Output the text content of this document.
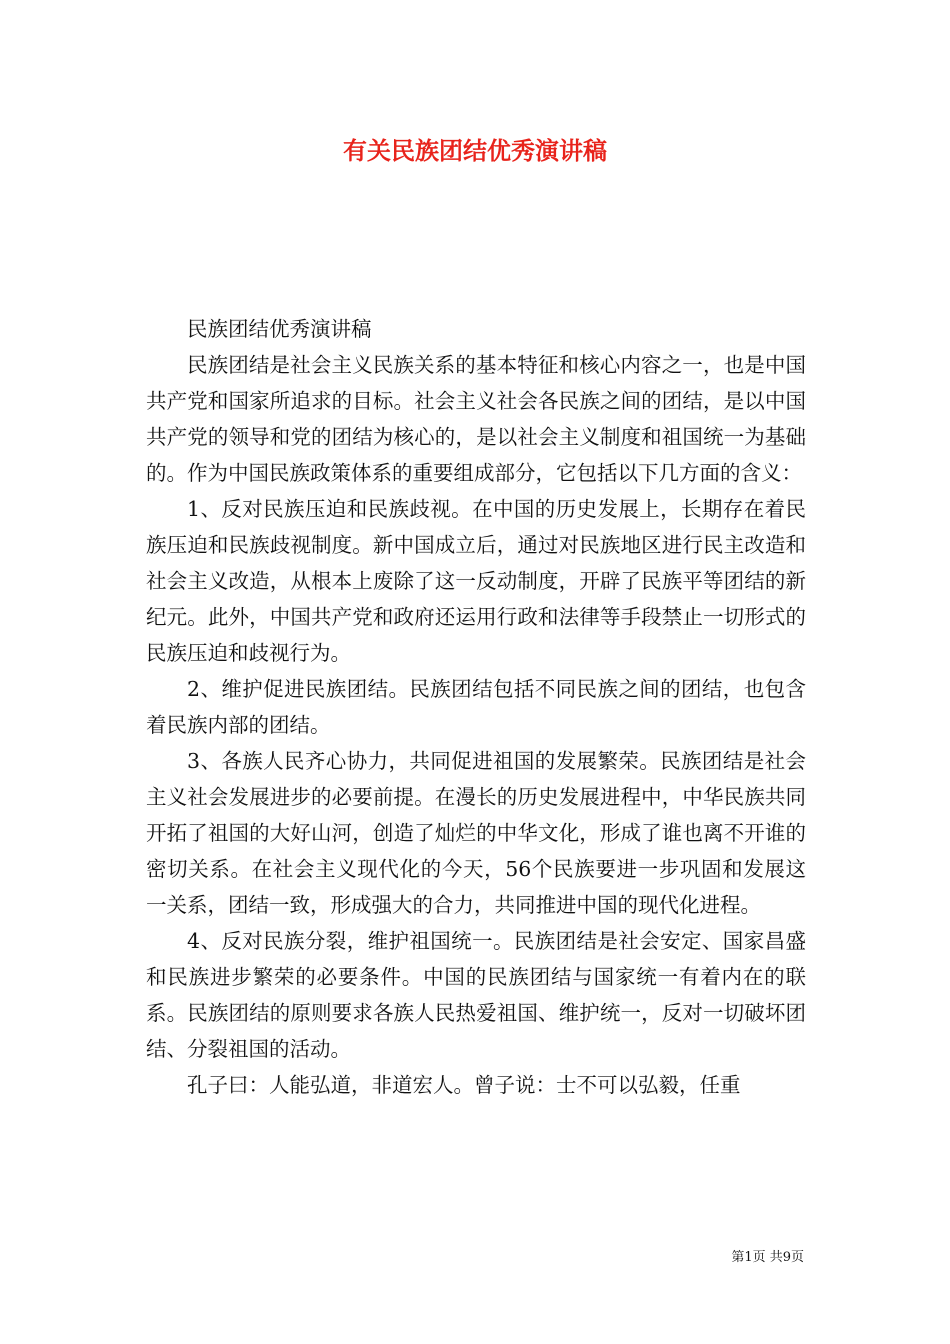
有关民族团结优秀演讲稿

民族团结优秀演讲稿

民族团结是社会主义民族关系的基本特征和核心内容之一，也是中国共产党和国家所追求的目标。社会主义社会各民族之间的团结，是以中国共产党的领导和党的团结为核心的，是以社会主义制度和祖国统一为基础的。作为中国民族政策体系的重要组成部分，它包括以下几方面的含义：

1、反对民族压迫和民族歧视。在中国的历史发展上，长期存在着民族压迫和民族歧视制度。新中国成立后，通过对民族地区进行民主改造和社会主义改造，从根本上废除了这一反动制度，开辟了民族平等团结的新纪元。此外，中国共产党和政府还运用行政和法律等手段禁止一切形式的民族压迫和歧视行为。

2、维护促进民族团结。民族团结包括不同民族之间的团结，也包含着民族内部的团结。

3、各族人民齐心协力，共同促进祖国的发展繁荣。民族团结是社会主义社会发展进步的必要前提。在漫长的历史发展进程中，中华民族共同开拓了祖国的大好山河，创造了灿烂的中华文化，形成了谁也离不开谁的密切关系。在社会主义现代化的今天，56个民族要进一步巩固和发展这一关系，团结一致，形成强大的合力，共同推进中国的现代化进程。

4、反对民族分裂，维护祖国统一。民族团结是社会安定、国家昌盛和民族进步繁荣的必要条件。中国的民族团结与国家统一有着内在的联系。民族团结的原则要求各族人民热爱祖国、维护统一，反对一切破坏团结、分裂祖国的活动。

孔子曰：人能弘道，非道宏人。曾子说：士不可以弘毅，任重

第1页 共9页
